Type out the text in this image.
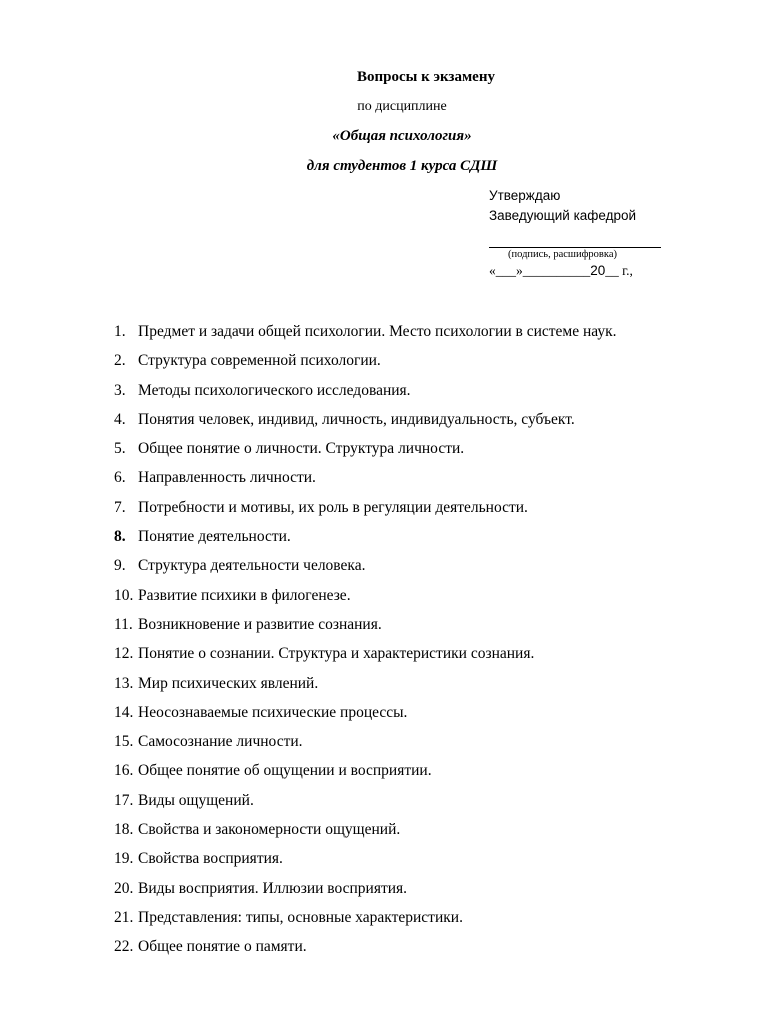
Вопросы к экзамену
по дисциплине
«Общая психология»
для студентов 1 курса СДШ
Утверждаю
Заведующий кафедрой
(подпись, расшифровка)
«___»__________20__ г.,
1. Предмет и задачи общей психологии. Место психологии в системе наук.
2. Структура современной психологии.
3. Методы психологического исследования.
4. Понятия человек, индивид, личность, индивидуальность, субъект.
5. Общее понятие о личности. Структура личности.
6. Направленность личности.
7. Потребности и мотивы, их роль в регуляции деятельности.
8. Понятие деятельности.
9. Структура деятельности человека.
10. Развитие психики в филогенезе.
11. Возникновение и развитие сознания.
12. Понятие о сознании. Структура и характеристики сознания.
13. Мир психических явлений.
14. Неосознаваемые психические процессы.
15. Самосознание личности.
16. Общее понятие об ощущении и восприятии.
17. Виды ощущений.
18. Свойства и закономерности ощущений.
19. Свойства восприятия.
20. Виды восприятия. Иллюзии восприятия.
21. Представления: типы, основные характеристики.
22. Общее понятие о памяти.
